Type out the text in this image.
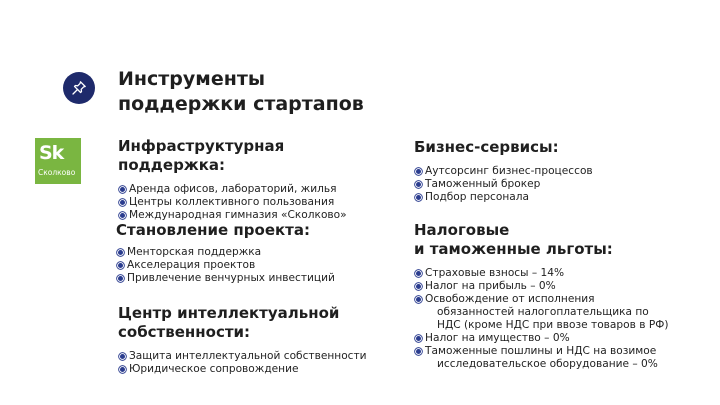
Инструменты
поддержки стартапов
Sk
Сколково
Инфраструктурная
поддержка:
Аренда офисов, лабораторий, жилья
Центры коллективного пользования
Международная гимназия «Сколково»
Становление проекта:
Менторская поддержка
Акселерация проектов
Привлечение венчурных инвестиций
Центр интеллектуальной
собственности:
Защита интеллектуальной собственности
Юридическое сопровождение
Бизнес-сервисы:
Аутсорсинг бизнес-процессов
Таможенный брокер
Подбор персонала
Налоговые
и таможенные льготы:
Страховые взносы – 14%
Налог на прибыль – 0%
Освобождение от исполнения
обязанностей налогоплательщика по
НДС (кроме НДС при ввозе товаров в РФ)
Налог на имущество – 0%
Таможенные пошлины и НДС на возимое
исследовательское оборудование – 0%
